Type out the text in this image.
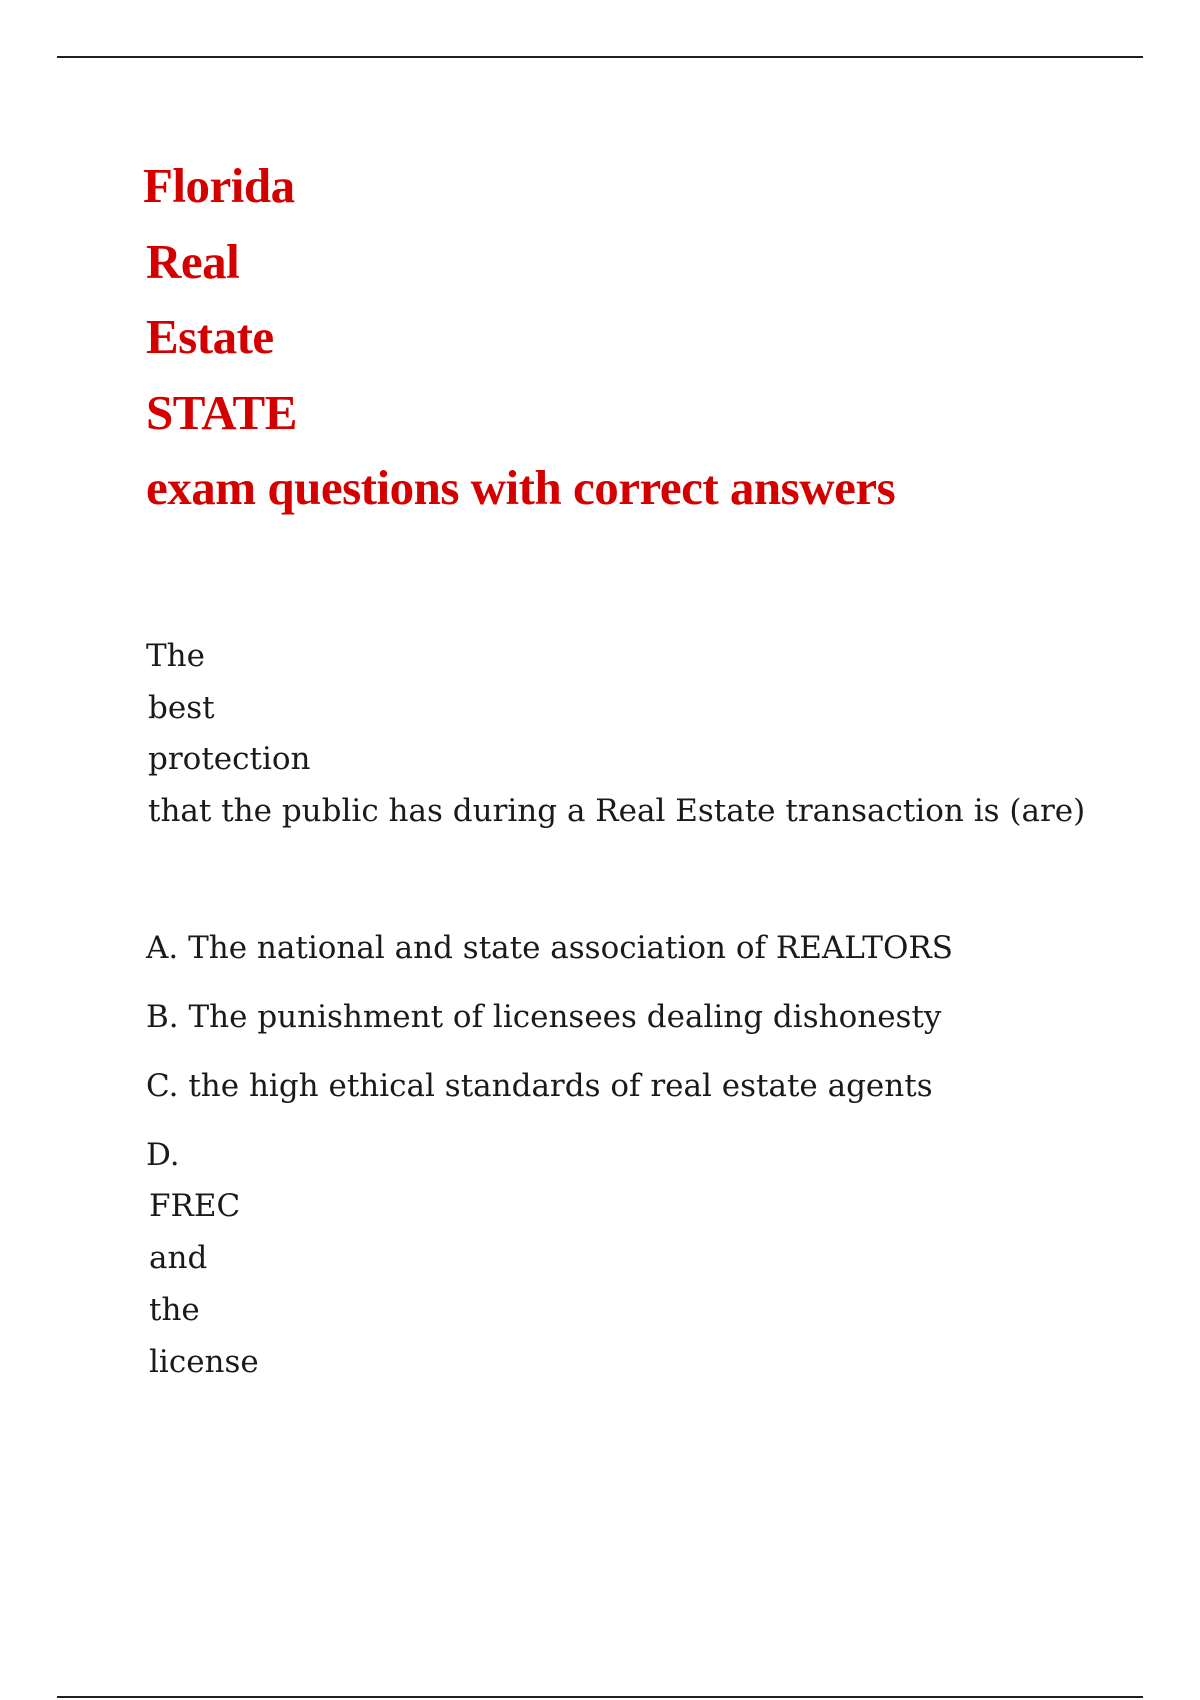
Florida
Real
Estate
STATE
exam questions with correct answers

The
best
protection
that the public has during a Real Estate transaction is (are)

A. The national and state association of REALTORS
B. The punishment of licensees dealing dishonesty
C. the high ethical standards of real estate agents
D.
FREC
and
the
license
